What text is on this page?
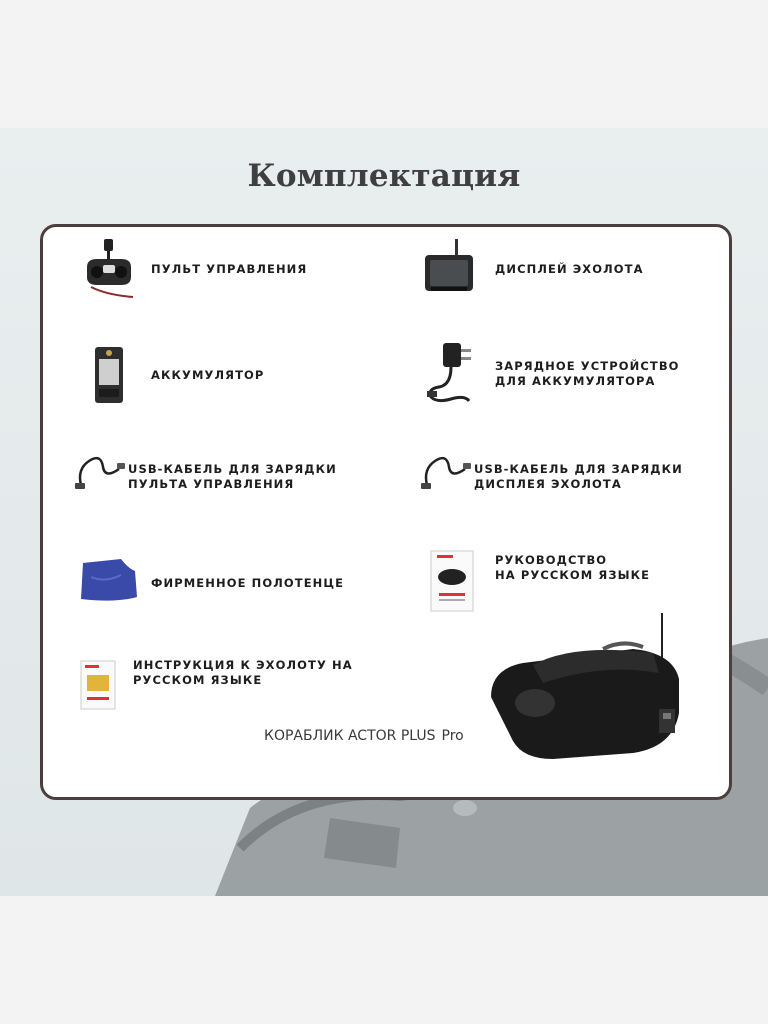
Комплектация
ПУЛЬТ УПРАВЛЕНИЯ	ДИСПЛЕЙ ЭХОЛОТА
АККУМУЛЯТОР
ЗАРЯДНОЕ УСТРОЙСТВО
ДЛЯ АККУМУЛЯТОРА
USB-КАБЕЛЬ ДЛЯ ЗАРЯДКИ
ПУЛЬТА УПРАВЛЕНИЯ
USB-КАБЕЛЬ ДЛЯ ЗАРЯДКИ
ДИСПЛЕЯ ЭХОЛОТА
ФИРМЕННОЕ ПОЛОТЕНЦЕ
РУКОВОДСТВО
НА РУССКОМ ЯЗЫКЕ
ИНСТРУКЦИЯ К ЭХОЛОТУ НА
РУССКОМ ЯЗЫКЕ
КОРАБЛИК ACTOR PLUS Pro
